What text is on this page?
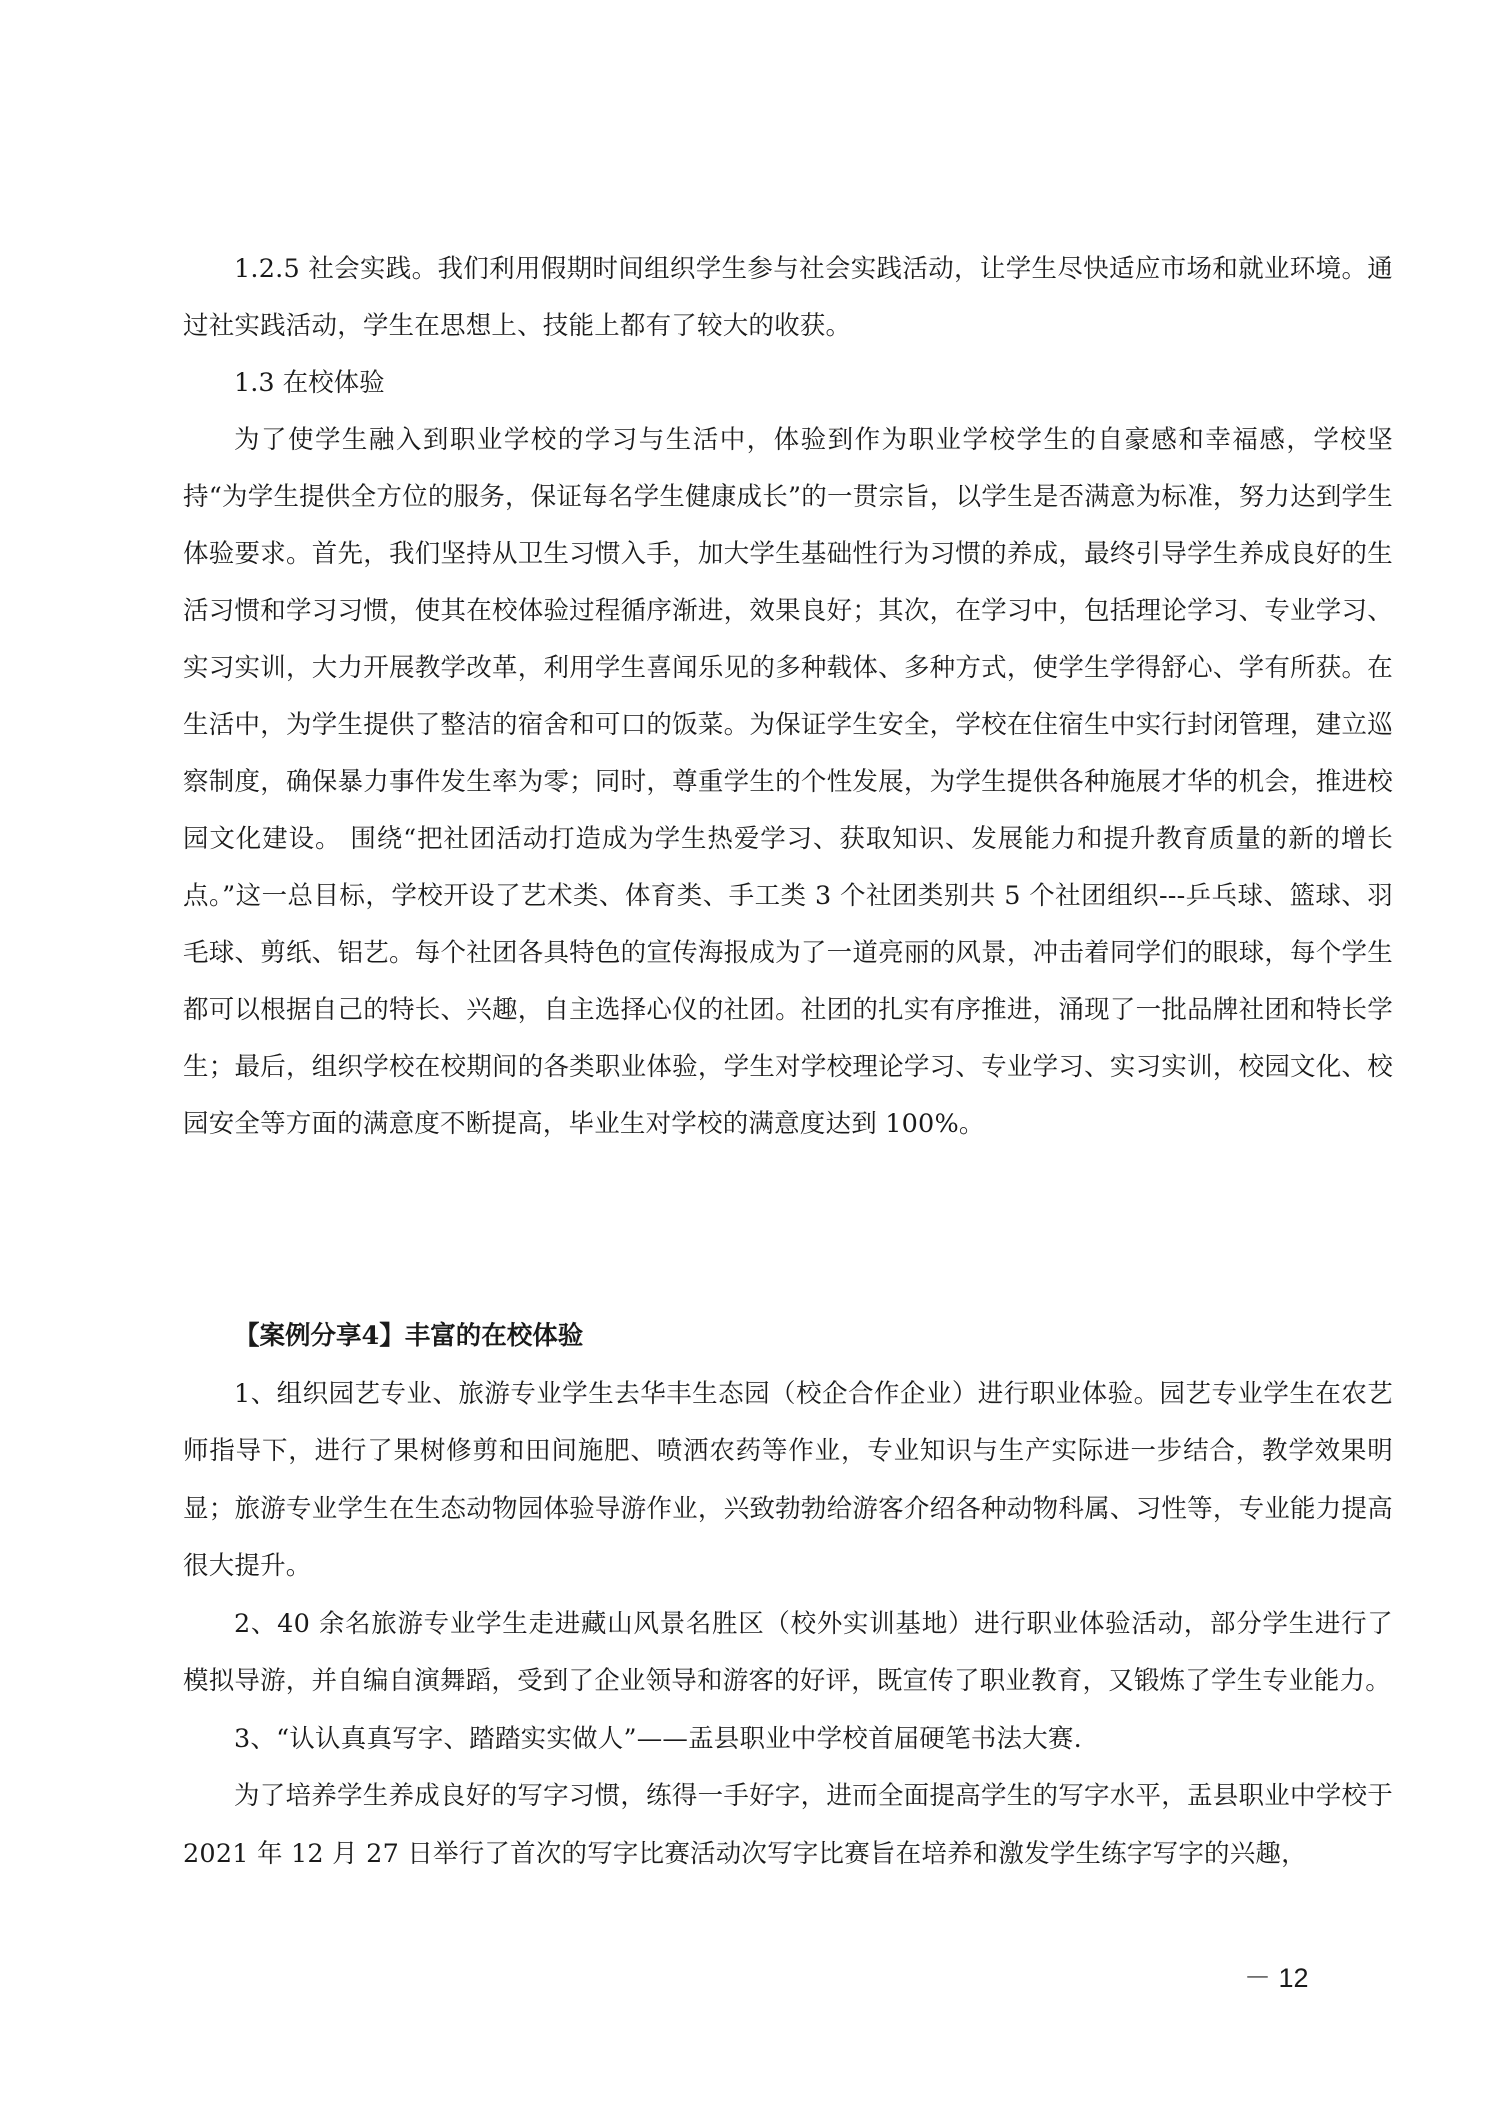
1.2.5 社会实践。我们利用假期时间组织学生参与社会实践活动，让学生尽快适应市场和就业环境。通过社实践活动，学生在思想上、技能上都有了较大的收获。

1.3 在校体验

为了使学生融入到职业学校的学习与生活中，体验到作为职业学校学生的自豪感和幸福感，学校坚持“为学生提供全方位的服务，保证每名学生健康成长”的一贯宗旨，以学生是否满意为标准，努力达到学生体验要求。首先，我们坚持从卫生习惯入手，加大学生基础性行为习惯的养成，最终引导学生养成良好的生活习惯和学习习惯，使其在校体验过程循序渐进，效果良好；其次，在学习中，包括理论学习、专业学习、实习实训，大力开展教学改革，利用学生喜闻乐见的多种载体、多种方式，使学生学得舒心、学有所获。在生活中，为学生提供了整洁的宿舍和可口的饭菜。为保证学生安全，学校在住宿生中实行封闭管理，建立巡察制度，确保暴力事件发生率为零；同时，尊重学生的个性发展，为学生提供各种施展才华的机会，推进校园文化建设。 围绕“把社团活动打造成为学生热爱学习、获取知识、发展能力和提升教育质量的新的增长点。”这一总目标，学校开设了艺术类、体育类、手工类 3 个社团类别共 5 个社团组织---乒乓球、篮球、羽毛球、剪纸、铝艺。每个社团各具特色的宣传海报成为了一道亮丽的风景，冲击着同学们的眼球，每个学生都可以根据自己的特长、兴趣，自主选择心仪的社团。社团的扎实有序推进，涌现了一批品牌社团和特长学生；最后，组织学校在校期间的各类职业体验，学生对学校理论学习、专业学习、实习实训，校园文化、校园安全等方面的满意度不断提高，毕业生对学校的满意度达到 100%。

【案例分享4】丰富的在校体验

1、组织园艺专业、旅游专业学生去华丰生态园（校企合作企业）进行职业体验。园艺专业学生在农艺师指导下，进行了果树修剪和田间施肥、喷洒农药等作业，专业知识与生产实际进一步结合，教学效果明显；旅游专业学生在生态动物园体验导游作业，兴致勃勃给游客介绍各种动物科属、习性等，专业能力提高很大提升。

2、40 余名旅游专业学生走进藏山风景名胜区（校外实训基地）进行职业体验活动，部分学生进行了模拟导游，并自编自演舞蹈，受到了企业领导和游客的好评，既宣传了职业教育，又锻炼了学生专业能力。

3、“认认真真写字、踏踏实实做人”——盂县职业中学校首届硬笔书法大赛.

为了培养学生养成良好的写字习惯，练得一手好字，进而全面提高学生的写字水平，盂县职业中学校于 2021 年 12 月 27 日举行了首次的写字比赛活动次写字比赛旨在培养和激发学生练字写字的兴趣，

－ 12
